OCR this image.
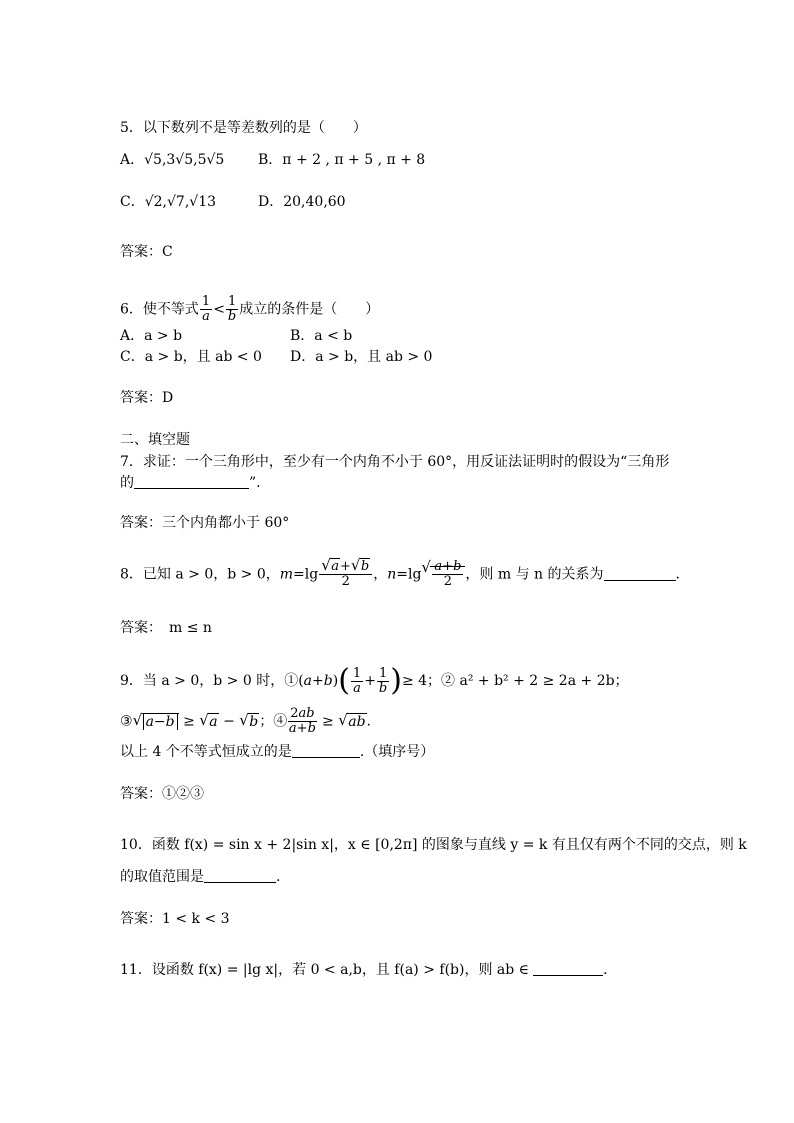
5．以下数列不是等差数列的是（　　）
A．√5,3√5,5√5 B．π + 2 , π + 5 , π + 8
C．√2,√7,√13	D．20,40,60
答案：C
6．使不等式 $\frac{1}{a} < \frac{1}{b}$ 成立的条件是（　　）
A．a > b	B．a < b
C．a > b，且 ab < 0 D．a > b，且 ab > 0
答案：D
二、填空题
7．求证：一个三角形中，至少有一个内角不小于 60°，用反证法证明时的假设为“三角形
的	”.
答案：三个内角都小于 60°
8．已知 a > 0，b > 0，m=lg √ $\frac{a+ √ b}{2}$ ，n=lg √ $\frac{a+b}{2}$ ，则 m 与 n 的关系为	.
答案：　m ≤ n
9．当 a > 0，b > 0 时，①(a+b)( $\frac{1}{a} + \frac{1}{b}$ )≥ 4；② a² + b² + 2 ≥ 2a + 2b；
③ √ a−b ≥ √ a − √ b；④ $\frac{2ab}{a+b}$ ≥ √ ab.
以上 4 个不等式恒成立的是	.（填序号）
答案：①②③
10．函数 f(x) = sin x + 2|sin x|，x ∈ [0,2π] 的图象与直线 y = k 有且仅有两个不同的交点，则 k
的取值范围是	.
答案：1 < k < 3
11．设函数 f(x) = |lg x|，若 0 < a,b，且 f(a) > f(b)，则 ab ∈	.
